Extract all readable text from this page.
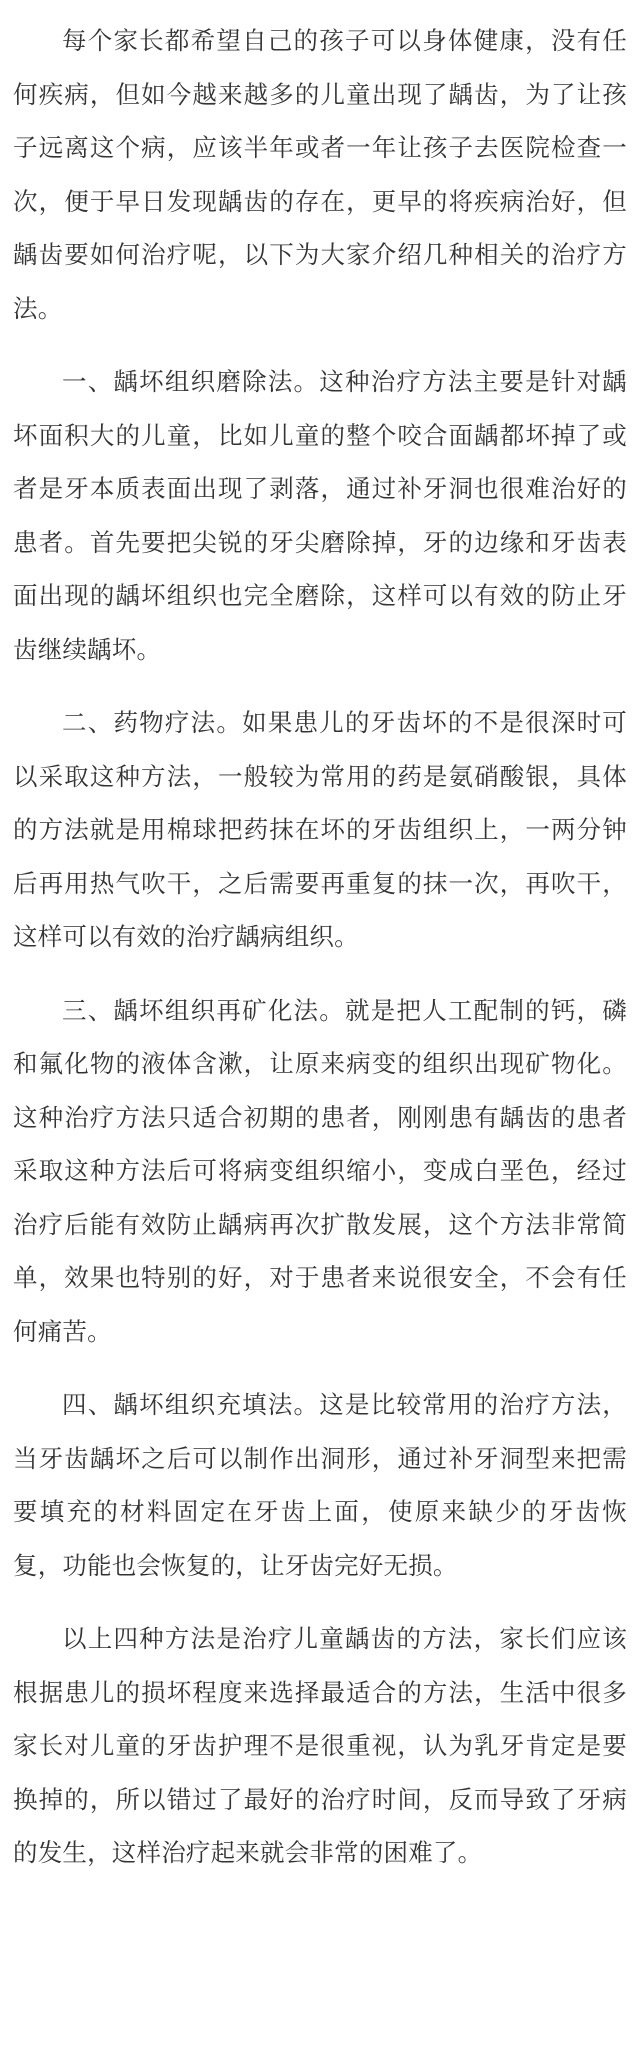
每个家长都希望自己的孩子可以身体健康，没有任何疾病，但如今越来越多的儿童出现了龋齿，为了让孩子远离这个病，应该半年或者一年让孩子去医院检查一次，便于早日发现龋齿的存在，更早的将疾病治好，但龋齿要如何治疗呢，以下为大家介绍几种相关的治疗方法。

一、龋坏组织磨除法。这种治疗方法主要是针对龋坏面积大的儿童，比如儿童的整个咬合面龋都坏掉了或者是牙本质表面出现了剥落，通过补牙洞也很难治好的患者。首先要把尖锐的牙尖磨除掉，牙的边缘和牙齿表面出现的龋坏组织也完全磨除，这样可以有效的防止牙齿继续龋坏。

二、药物疗法。如果患儿的牙齿坏的不是很深时可以采取这种方法，一般较为常用的药是氨硝酸银，具体的方法就是用棉球把药抹在坏的牙齿组织上，一两分钟后再用热气吹干，之后需要再重复的抹一次，再吹干，这样可以有效的治疗龋病组织。

三、龋坏组织再矿化法。就是把人工配制的钙，磷和氟化物的液体含漱，让原来病变的组织出现矿物化。这种治疗方法只适合初期的患者，刚刚患有龋齿的患者采取这种方法后可将病变组织缩小，变成白垩色，经过治疗后能有效防止龋病再次扩散发展，这个方法非常简单，效果也特别的好，对于患者来说很安全，不会有任何痛苦。

四、龋坏组织充填法。这是比较常用的治疗方法，当牙齿龋坏之后可以制作出洞形，通过补牙洞型来把需要填充的材料固定在牙齿上面，使原来缺少的牙齿恢复，功能也会恢复的，让牙齿完好无损。

以上四种方法是治疗儿童龋齿的方法，家长们应该根据患儿的损坏程度来选择最适合的方法，生活中很多家长对儿童的牙齿护理不是很重视，认为乳牙肯定是要换掉的，所以错过了最好的治疗时间，反而导致了牙病的发生，这样治疗起来就会非常的困难了。
